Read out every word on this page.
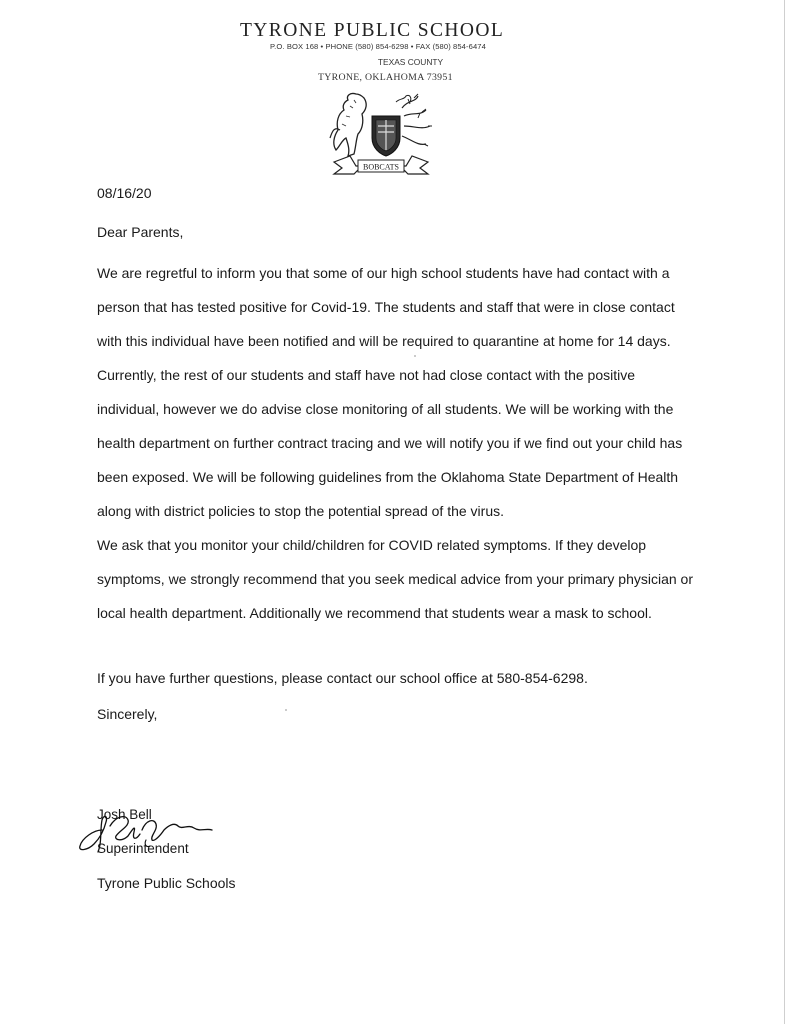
TYRONE PUBLIC SCHOOL
P.O. BOX 168 • PHONE (580) 854-6298 • FAX (580) 854-6474
TEXAS COUNTY
TYRONE, OKLAHOMA 73951
BOBCATS
08/16/20
Dear Parents,
We are regretful to inform you that some of our high school students have had contact with a
person that has tested positive for Covid-19. The students and staff that were in close contact
with this individual have been notified and will be required to quarantine at home for 14 days.
Currently, the rest of our students and staff have not had close contact with the positive
individual, however we do advise close monitoring of all students. We will be working with the
health department on further contract tracing and we will notify you if we find out your child has
been exposed. We will be following guidelines from the Oklahoma State Department of Health
along with district policies to stop the potential spread of the virus.
We ask that you monitor your child/children for COVID related symptoms. If they develop
symptoms, we strongly recommend that you seek medical advice from your primary physician or
local health department. Additionally we recommend that students wear a mask to school.
If you have further questions, please contact our school office at 580-854-6298.
Sincerely,
Josh Bell
Superintendent
Tyrone Public Schools
